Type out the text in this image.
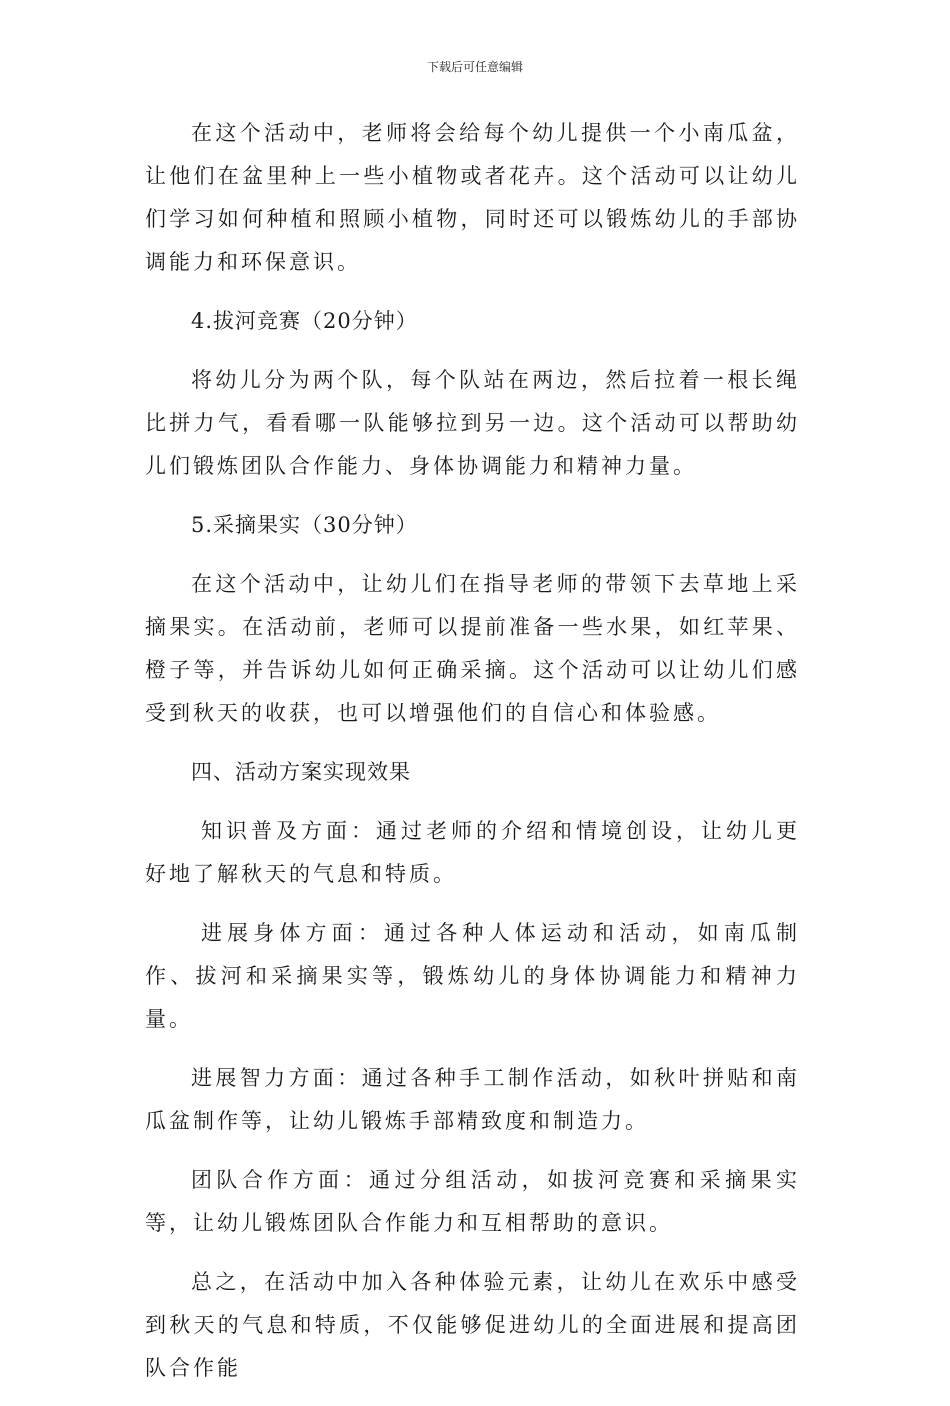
下载后可任意编辑

在这个活动中，老师将会给每个幼儿提供一个小南瓜盆，让他们在盆里种上一些小植物或者花卉。这个活动可以让幼儿们学习如何种植和照顾小植物，同时还可以锻炼幼儿的手部协调能力和环保意识。

4.拔河竞赛（20分钟）

将幼儿分为两个队，每个队站在两边，然后拉着一根长绳比拼力气，看看哪一队能够拉到另一边。这个活动可以帮助幼儿们锻炼团队合作能力、身体协调能力和精神力量。

5.采摘果实（30分钟）

在这个活动中，让幼儿们在指导老师的带领下去草地上采摘果实。在活动前，老师可以提前准备一些水果，如红苹果、橙子等，并告诉幼儿如何正确采摘。这个活动可以让幼儿们感受到秋天的收获，也可以增强他们的自信心和体验感。

四、活动方案实现效果

知识普及方面：通过老师的介绍和情境创设，让幼儿更好地了解秋天的气息和特质。

进展身体方面：通过各种人体运动和活动，如南瓜制作、拔河和采摘果实等，锻炼幼儿的身体协调能力和精神力量。

进展智力方面：通过各种手工制作活动，如秋叶拼贴和南瓜盆制作等，让幼儿锻炼手部精致度和制造力。

团队合作方面：通过分组活动，如拔河竞赛和采摘果实等，让幼儿锻炼团队合作能力和互相帮助的意识。

总之，在活动中加入各种体验元素，让幼儿在欢乐中感受到秋天的气息和特质，不仅能够促进幼儿的全面进展和提高团队合作能
